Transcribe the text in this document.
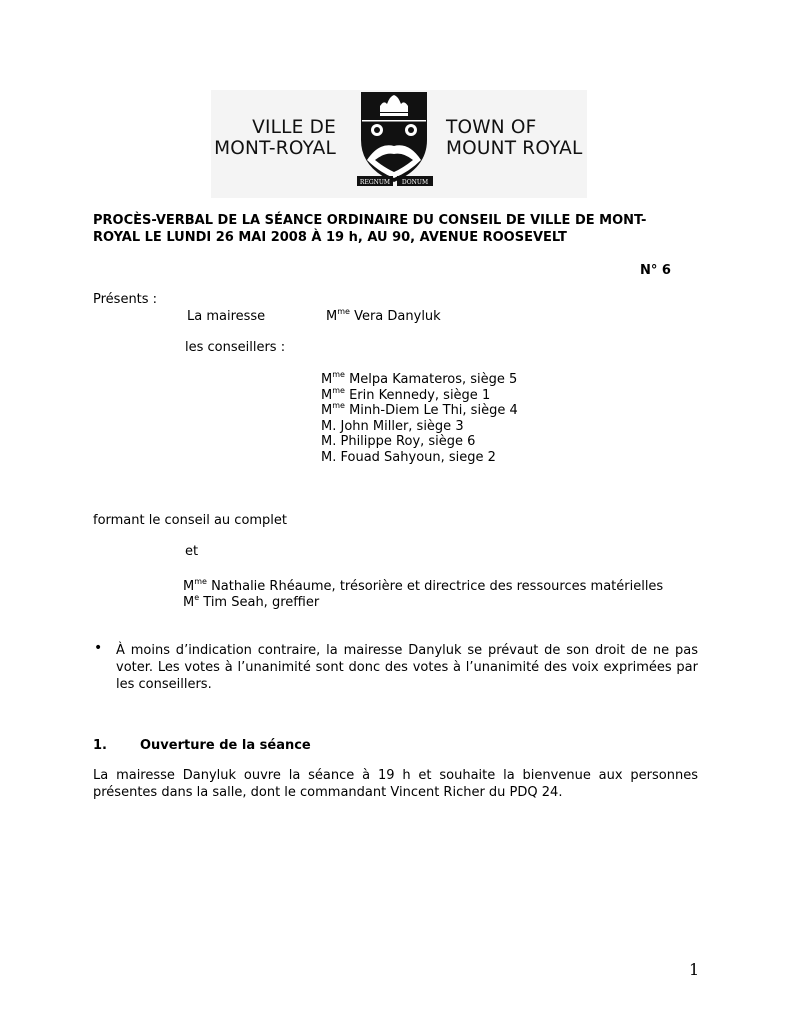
VILLE DE
MONT-ROYAL
REGNUM DONUM
TOWN OF
MOUNT ROYAL
PROCÈS-VERBAL DE LA SÉANCE ORDINAIRE DU CONSEIL DE VILLE DE MONT-
ROYAL LE LUNDI 26 MAI 2008 À 19 h, AU 90, AVENUE ROOSEVELT
N° 6
Présents :
La mairesse	$M^{me}$ Vera Danyluk
les conseillers :
$M^{me}$ Melpa Kamateros, siège 5
$M^{me}$ Erin Kennedy, siège 1
$M^{me}$ Minh-Diem Le Thi, siège 4
M. John Miller, siège 3
M. Philippe Roy, siège 6
M. Fouad Sahyoun, siege 2
formant le conseil au complet
et
$M^{me}$ Nathalie Rhéaume, trésorière et directrice des ressources matérielles
Me Tim Seah, greffier
• À moins d’indication contraire, la mairesse Danyluk se prévaut de son droit de ne pas voter. Les votes à l’unanimité sont donc des votes à l’unanimité des voix exprimées par les conseillers.
1.	Ouverture de la séance
La mairesse Danyluk ouvre la séance à 19 h et souhaite la bienvenue aux personnes présentes dans la salle, dont le commandant Vincent Richer du PDQ 24.
1
